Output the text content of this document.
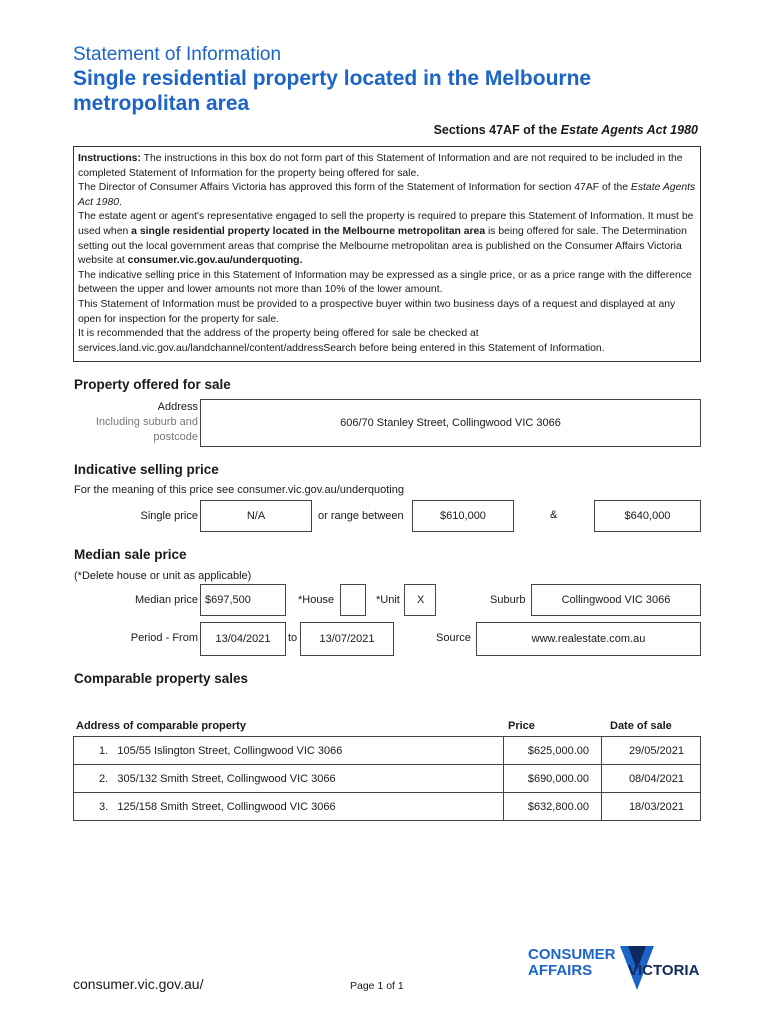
Statement of Information
Single residential property located in the Melbourne metropolitan area
Sections 47AF of the Estate Agents Act 1980
Instructions: The instructions in this box do not form part of this Statement of Information and are not required to be included in the completed Statement of Information for the property being offered for sale.
The Director of Consumer Affairs Victoria has approved this form of the Statement of Information for section 47AF of the Estate Agents Act 1980.
The estate agent or agent's representative engaged to sell the property is required to prepare this Statement of Information. It must be used when a single residential property located in the Melbourne metropolitan area is being offered for sale. The Determination setting out the local government areas that comprise the Melbourne metropolitan area is published on the Consumer Affairs Victoria website at consumer.vic.gov.au/underquoting.
The indicative selling price in this Statement of Information may be expressed as a single price, or as a price range with the difference between the upper and lower amounts not more than 10% of the lower amount.
This Statement of Information must be provided to a prospective buyer within two business days of a request and displayed at any open for inspection for the property for sale.
It is recommended that the address of the property being offered for sale be checked at services.land.vic.gov.au/landchannel/content/addressSearch before being entered in this Statement of Information.
Property offered for sale
Address
Including suburb and
postcode
606/70 Stanley Street, Collingwood VIC 3066
Indicative selling price
For the meaning of this price see consumer.vic.gov.au/underquoting
Single price	N/A	or range between	$610,000	&	$640,000
Median sale price
(*Delete house or unit as applicable)
Median price $697,500	*House	*Unit	X	Suburb	Collingwood VIC 3066
Period - From	13/04/2021	to	13/07/2021	Source	www.realestate.com.au
Comparable property sales
Address of comparable property	Price	Date of sale
1. 105/55 Islington Street, Collingwood VIC 3066	$625,000.00	29/05/2021
2. 305/132 Smith Street, Collingwood VIC 3066	$690,000.00	08/04/2021
3. 125/158 Smith Street, Collingwood VIC 3066	$632,800.00	18/03/2021
CONSUMER
AFFAIRS VICTORIA
consumer.vic.gov.au/	Page 1 of 1
